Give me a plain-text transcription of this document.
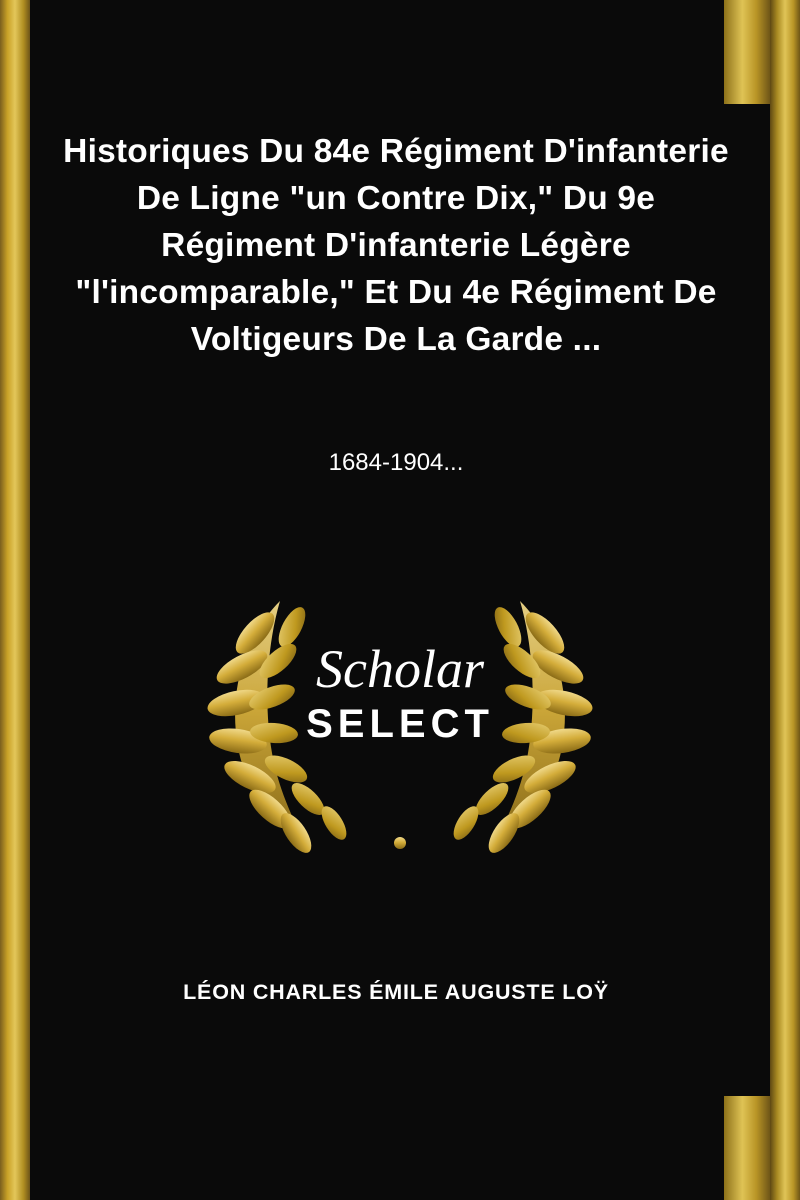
Historiques Du 84e Régiment D'infanterie De Ligne "un Contre Dix," Du 9e Régiment D'infanterie Légère "l'incomparable," Et Du 4e Régiment De Voltigeurs De La Garde ...

1684-1904...

Scholar
SELECT

LÉON CHARLES ÉMILE AUGUSTE LOŸ
